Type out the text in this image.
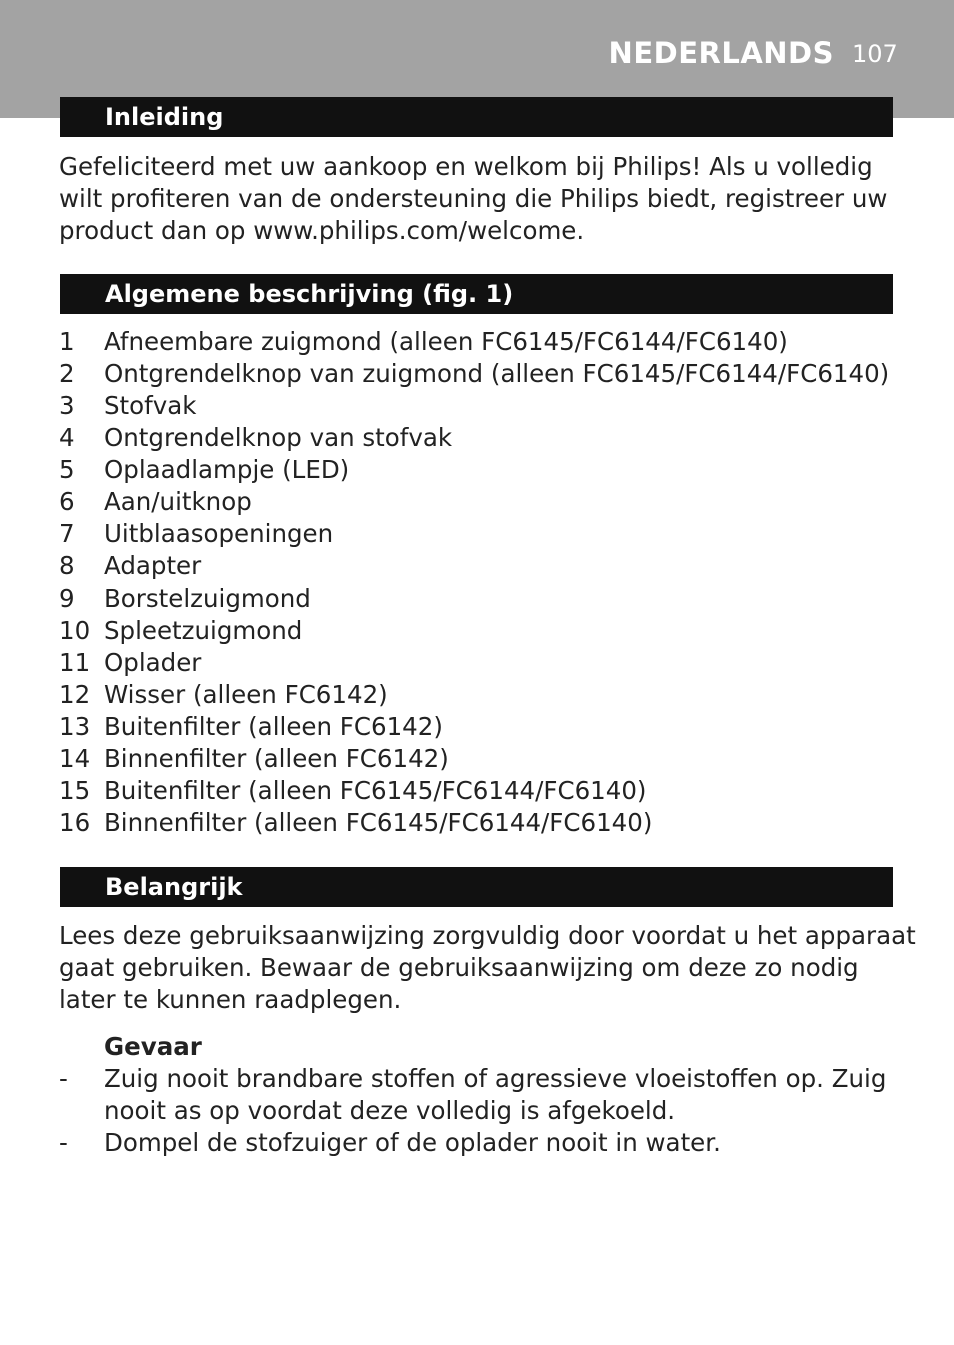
NEDERLANDS 107
Inleiding
Gefeliciteerd met uw aankoop en welkom bij Philips! Als u volledig wilt profiteren van de ondersteuning die Philips biedt, registreer uw product dan op www.philips.com/welcome.
Algemene beschrijving (fig. 1)
1 Afneembare zuigmond (alleen FC6145/FC6144/FC6140)
2 Ontgrendelknop van zuigmond (alleen FC6145/FC6144/FC6140)
3 Stofvak
4 Ontgrendelknop van stofvak
5 Oplaadlampje (LED)
6 Aan/uitknop
7 Uitblaasopeningen
8 Adapter
9 Borstelzuigmond
10 Spleetzuigmond
11 Oplader
12 Wisser (alleen FC6142)
13 Buitenfilter (alleen FC6142)
14 Binnenfilter (alleen FC6142)
15 Buitenfilter (alleen FC6145/FC6144/FC6140)
16 Binnenfilter (alleen FC6145/FC6144/FC6140)
Belangrijk
Lees deze gebruiksaanwijzing zorgvuldig door voordat u het apparaat gaat gebruiken. Bewaar de gebruiksaanwijzing om deze zo nodig later te kunnen raadplegen.
Gevaar
- Zuig nooit brandbare stoffen of agressieve vloeistoffen op. Zuig nooit as op voordat deze volledig is afgekoeld.
- Dompel de stofzuiger of de oplader nooit in water.
